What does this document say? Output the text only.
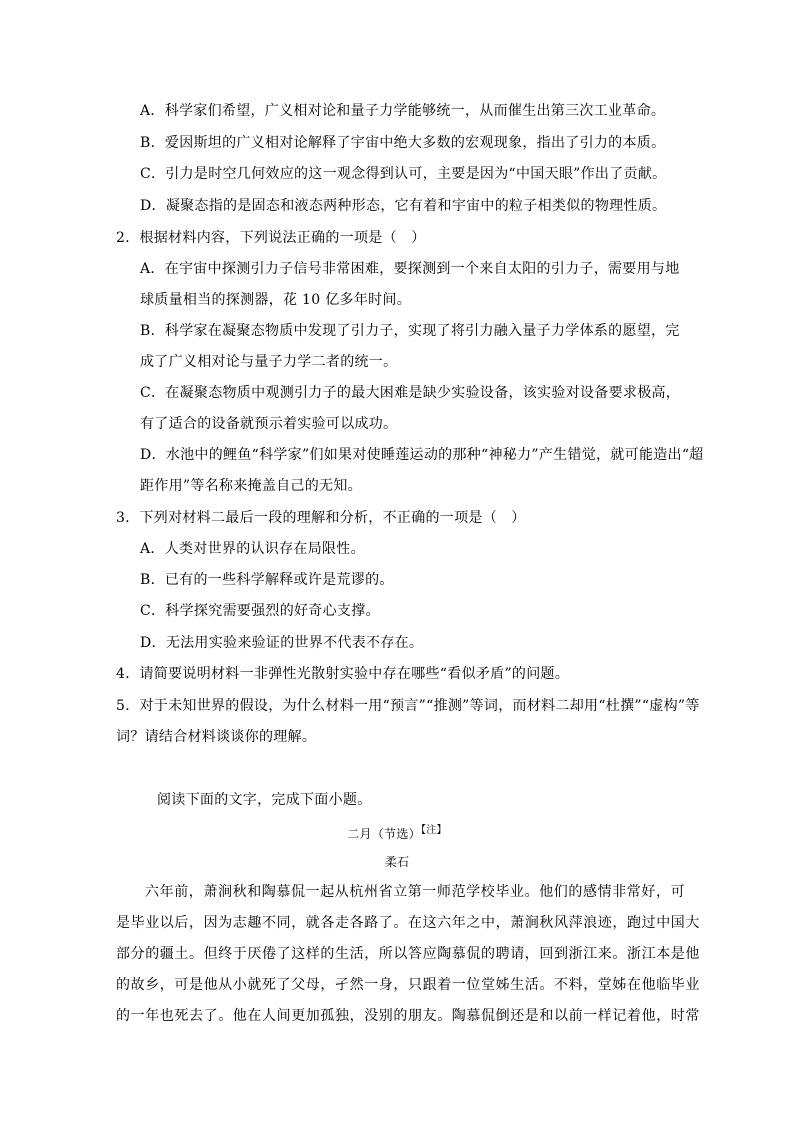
A．科学家们希望，广义相对论和量子力学能够统一，从而催生出第三次工业革命。
B．爱因斯坦的广义相对论解释了宇宙中绝大多数的宏观现象，指出了引力的本质。
C．引力是时空几何效应的这一观念得到认可，主要是因为“中国天眼”作出了贡献。
D．凝聚态指的是固态和液态两种形态，它有着和宇宙中的粒子相类似的物理性质。
2．根据材料内容，下列说法正确的一项是（　）
A．在宇宙中探测引力子信号非常困难，要探测到一个来自太阳的引力子，需要用与地
球质量相当的探测器，花 10 亿多年时间。
B．科学家在凝聚态物质中发现了引力子，实现了将引力融入量子力学体系的愿望，完
成了广义相对论与量子力学二者的统一。
C．在凝聚态物质中观测引力子的最大困难是缺少实验设备，该实验对设备要求极高，
有了适合的设备就预示着实验可以成功。
D．水池中的鲤鱼“科学家”们如果对使睡莲运动的那种“神秘力”产生错觉，就可能造出“超
距作用”等名称来掩盖自己的无知。
3．下列对材料二最后一段的理解和分析，不正确的一项是（　）
A．人类对世界的认识存在局限性。
B．已有的一些科学解释或许是荒谬的。
C．科学探究需要强烈的好奇心支撑。
D．无法用实验来验证的世界不代表不存在。
4．请简要说明材料一非弹性光散射实验中存在哪些“看似矛盾”的问题。
5．对于未知世界的假设，为什么材料一用“预言”“推测”等词，而材料二却用“杜撰”“虚构”等
词？请结合材料谈谈你的理解。
阅读下面的文字，完成下面小题。
二月（节选）$^{【注】}$
柔石
六年前，萧涧秋和陶慕侃一起从杭州省立第一师范学校毕业。他们的感情非常好，可
是毕业以后，因为志趣不同，就各走各路了。在这六年之中，萧涧秋风萍浪迹，跑过中国大
部分的疆土。但终于厌倦了这样的生活，所以答应陶慕侃的聘请，回到浙江来。浙江本是他
的故乡，可是他从小就死了父母，孑然一身，只跟着一位堂姊生活。不料，堂姊在他临毕业
的一年也死去了。他在人间更加孤独，没别的朋友。陶慕侃倒还是和以前一样记着他，时常
